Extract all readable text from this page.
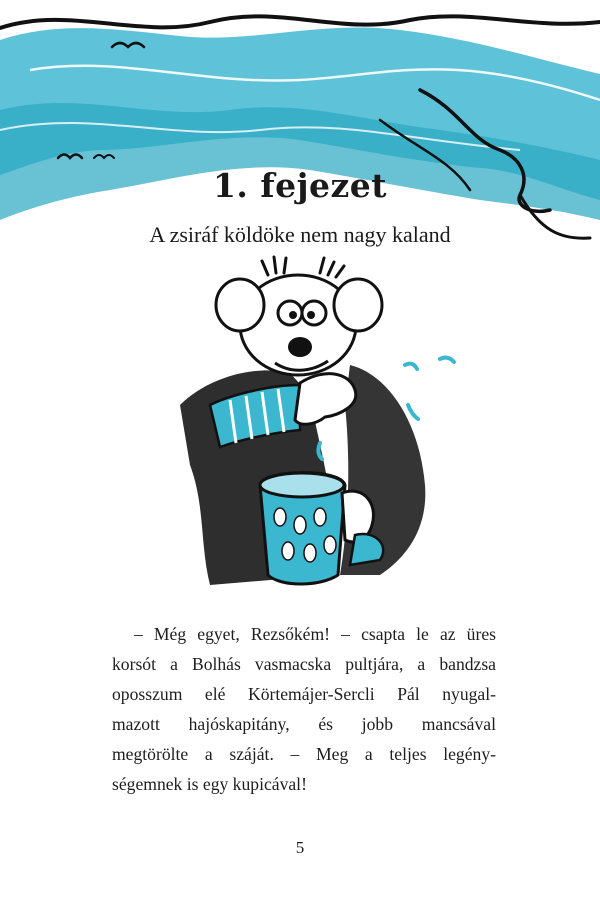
1. fejezet
A zsiráf köldöke nem nagy kaland
– Még egyet, Rezsőkém! – csapta le az üres
korsót a Bolhás vasmacska pultjára, a bandzsa
oposszum elé Körtemájer-Sercli Pál nyugal-
mazott hajóskapitány, és jobb mancsával
megtörölte a száját. – Meg a teljes legény-
ségemnek is egy kupicával!
5
